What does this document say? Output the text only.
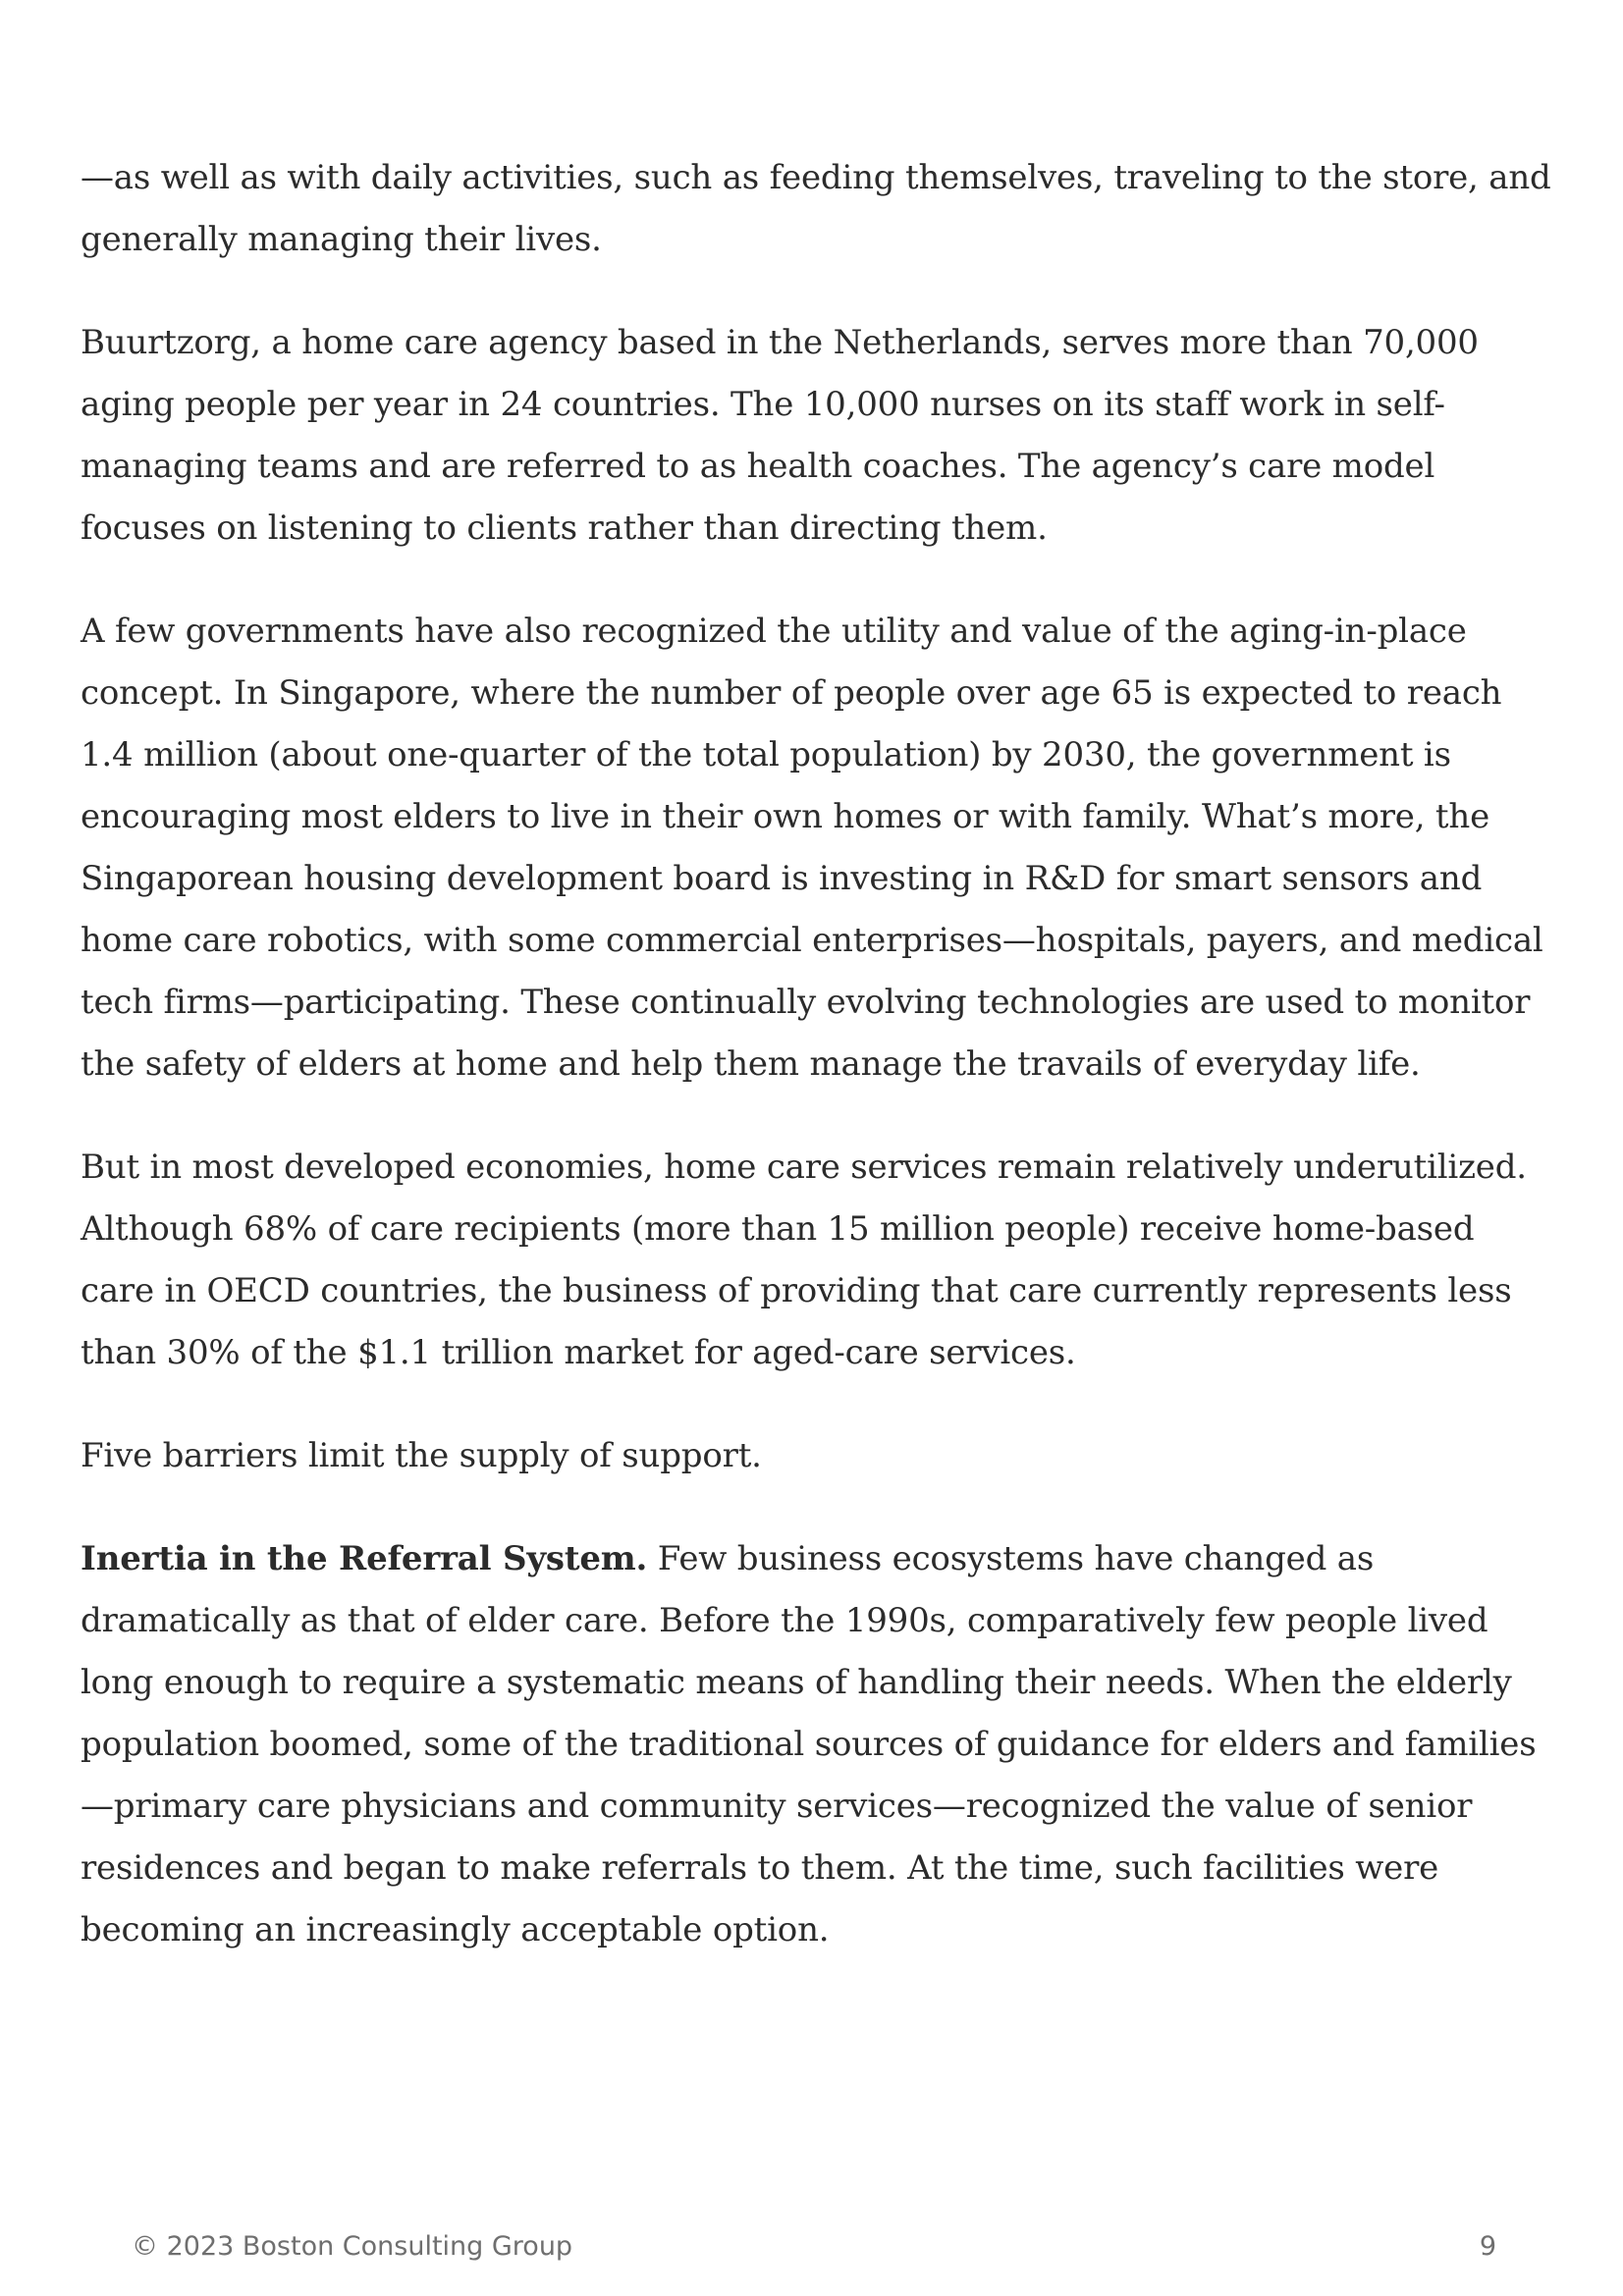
—as well as with daily activities, such as feeding themselves, traveling to the store, and generally managing their lives.

Buurtzorg, a home care agency based in the Netherlands, serves more than 70,000 aging people per year in 24 countries. The 10,000 nurses on its staff work in self-managing teams and are referred to as health coaches. The agency’s care model focuses on listening to clients rather than directing them.

A few governments have also recognized the utility and value of the aging-in-place concept. In Singapore, where the number of people over age 65 is expected to reach 1.4 million (about one-quarter of the total population) by 2030, the government is encouraging most elders to live in their own homes or with family. What’s more, the Singaporean housing development board is investing in R&D for smart sensors and home care robotics, with some commercial enterprises—hospitals, payers, and medical tech firms—participating. These continually evolving technologies are used to monitor the safety of elders at home and help them manage the travails of everyday life.

But in most developed economies, home care services remain relatively underutilized. Although 68% of care recipients (more than 15 million people) receive home-based care in OECD countries, the business of providing that care currently represents less than 30% of the $1.1 trillion market for aged-care services.

Five barriers limit the supply of support.

Inertia in the Referral System. Few business ecosystems have changed as dramatically as that of elder care. Before the 1990s, comparatively few people lived long enough to require a systematic means of handling their needs. When the elderly population boomed, some of the traditional sources of guidance for elders and families—primary care physicians and community services—recognized the value of senior residences and began to make referrals to them. At the time, such facilities were becoming an increasingly acceptable option.

© 2023 Boston Consulting Group	9
